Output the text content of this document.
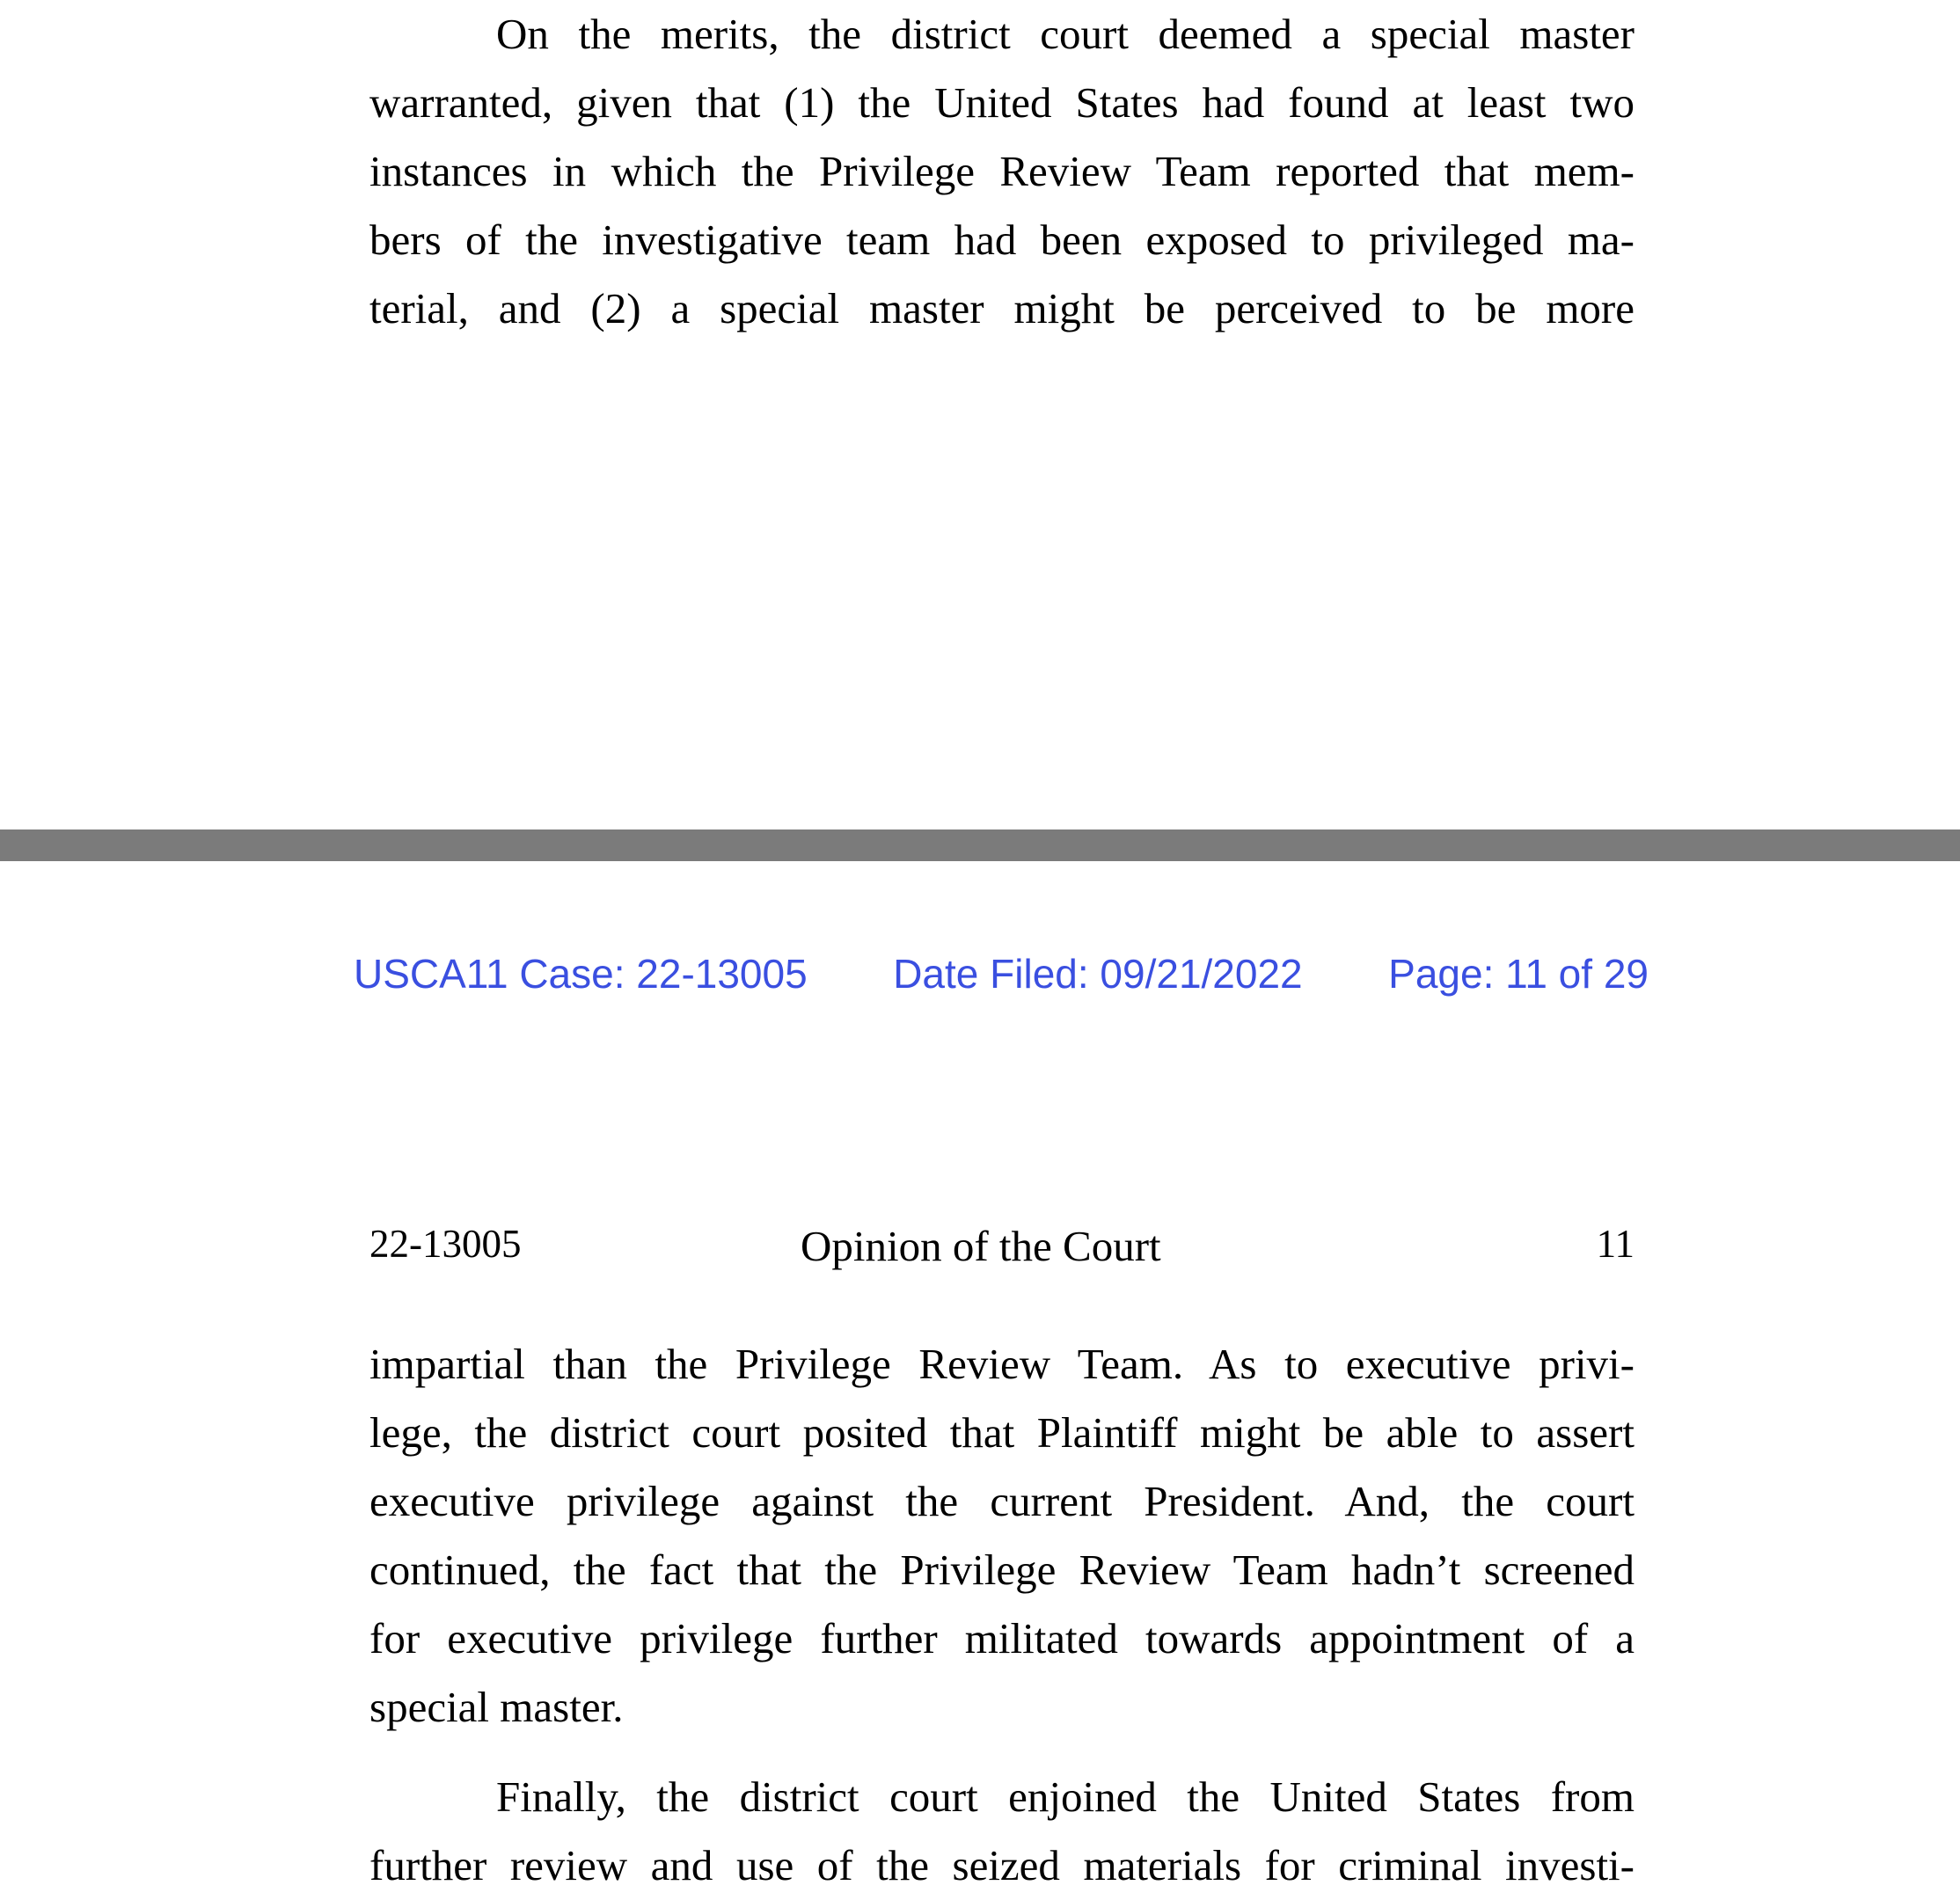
On the merits, the district court deemed a special master
warranted, given that (1) the United States had found at least two
instances in which the Privilege Review Team reported that mem-
bers of the investigative team had been exposed to privileged ma-
terial, and (2) a special master might be perceived to be more
USCA11 Case: 22-13005 Date Filed: 09/21/2022 Page: 11 of 29
22-13005	Opinion of the Court	11
impartial than the Privilege Review Team. As to executive privi-
lege, the district court posited that Plaintiff might be able to assert
executive privilege against the current President. And, the court
continued, the fact that the Privilege Review Team hadn’t screened
for executive privilege further militated towards appointment of a
special master.
Finally, the district court enjoined the United States from
further review and use of the seized materials for criminal investi-
